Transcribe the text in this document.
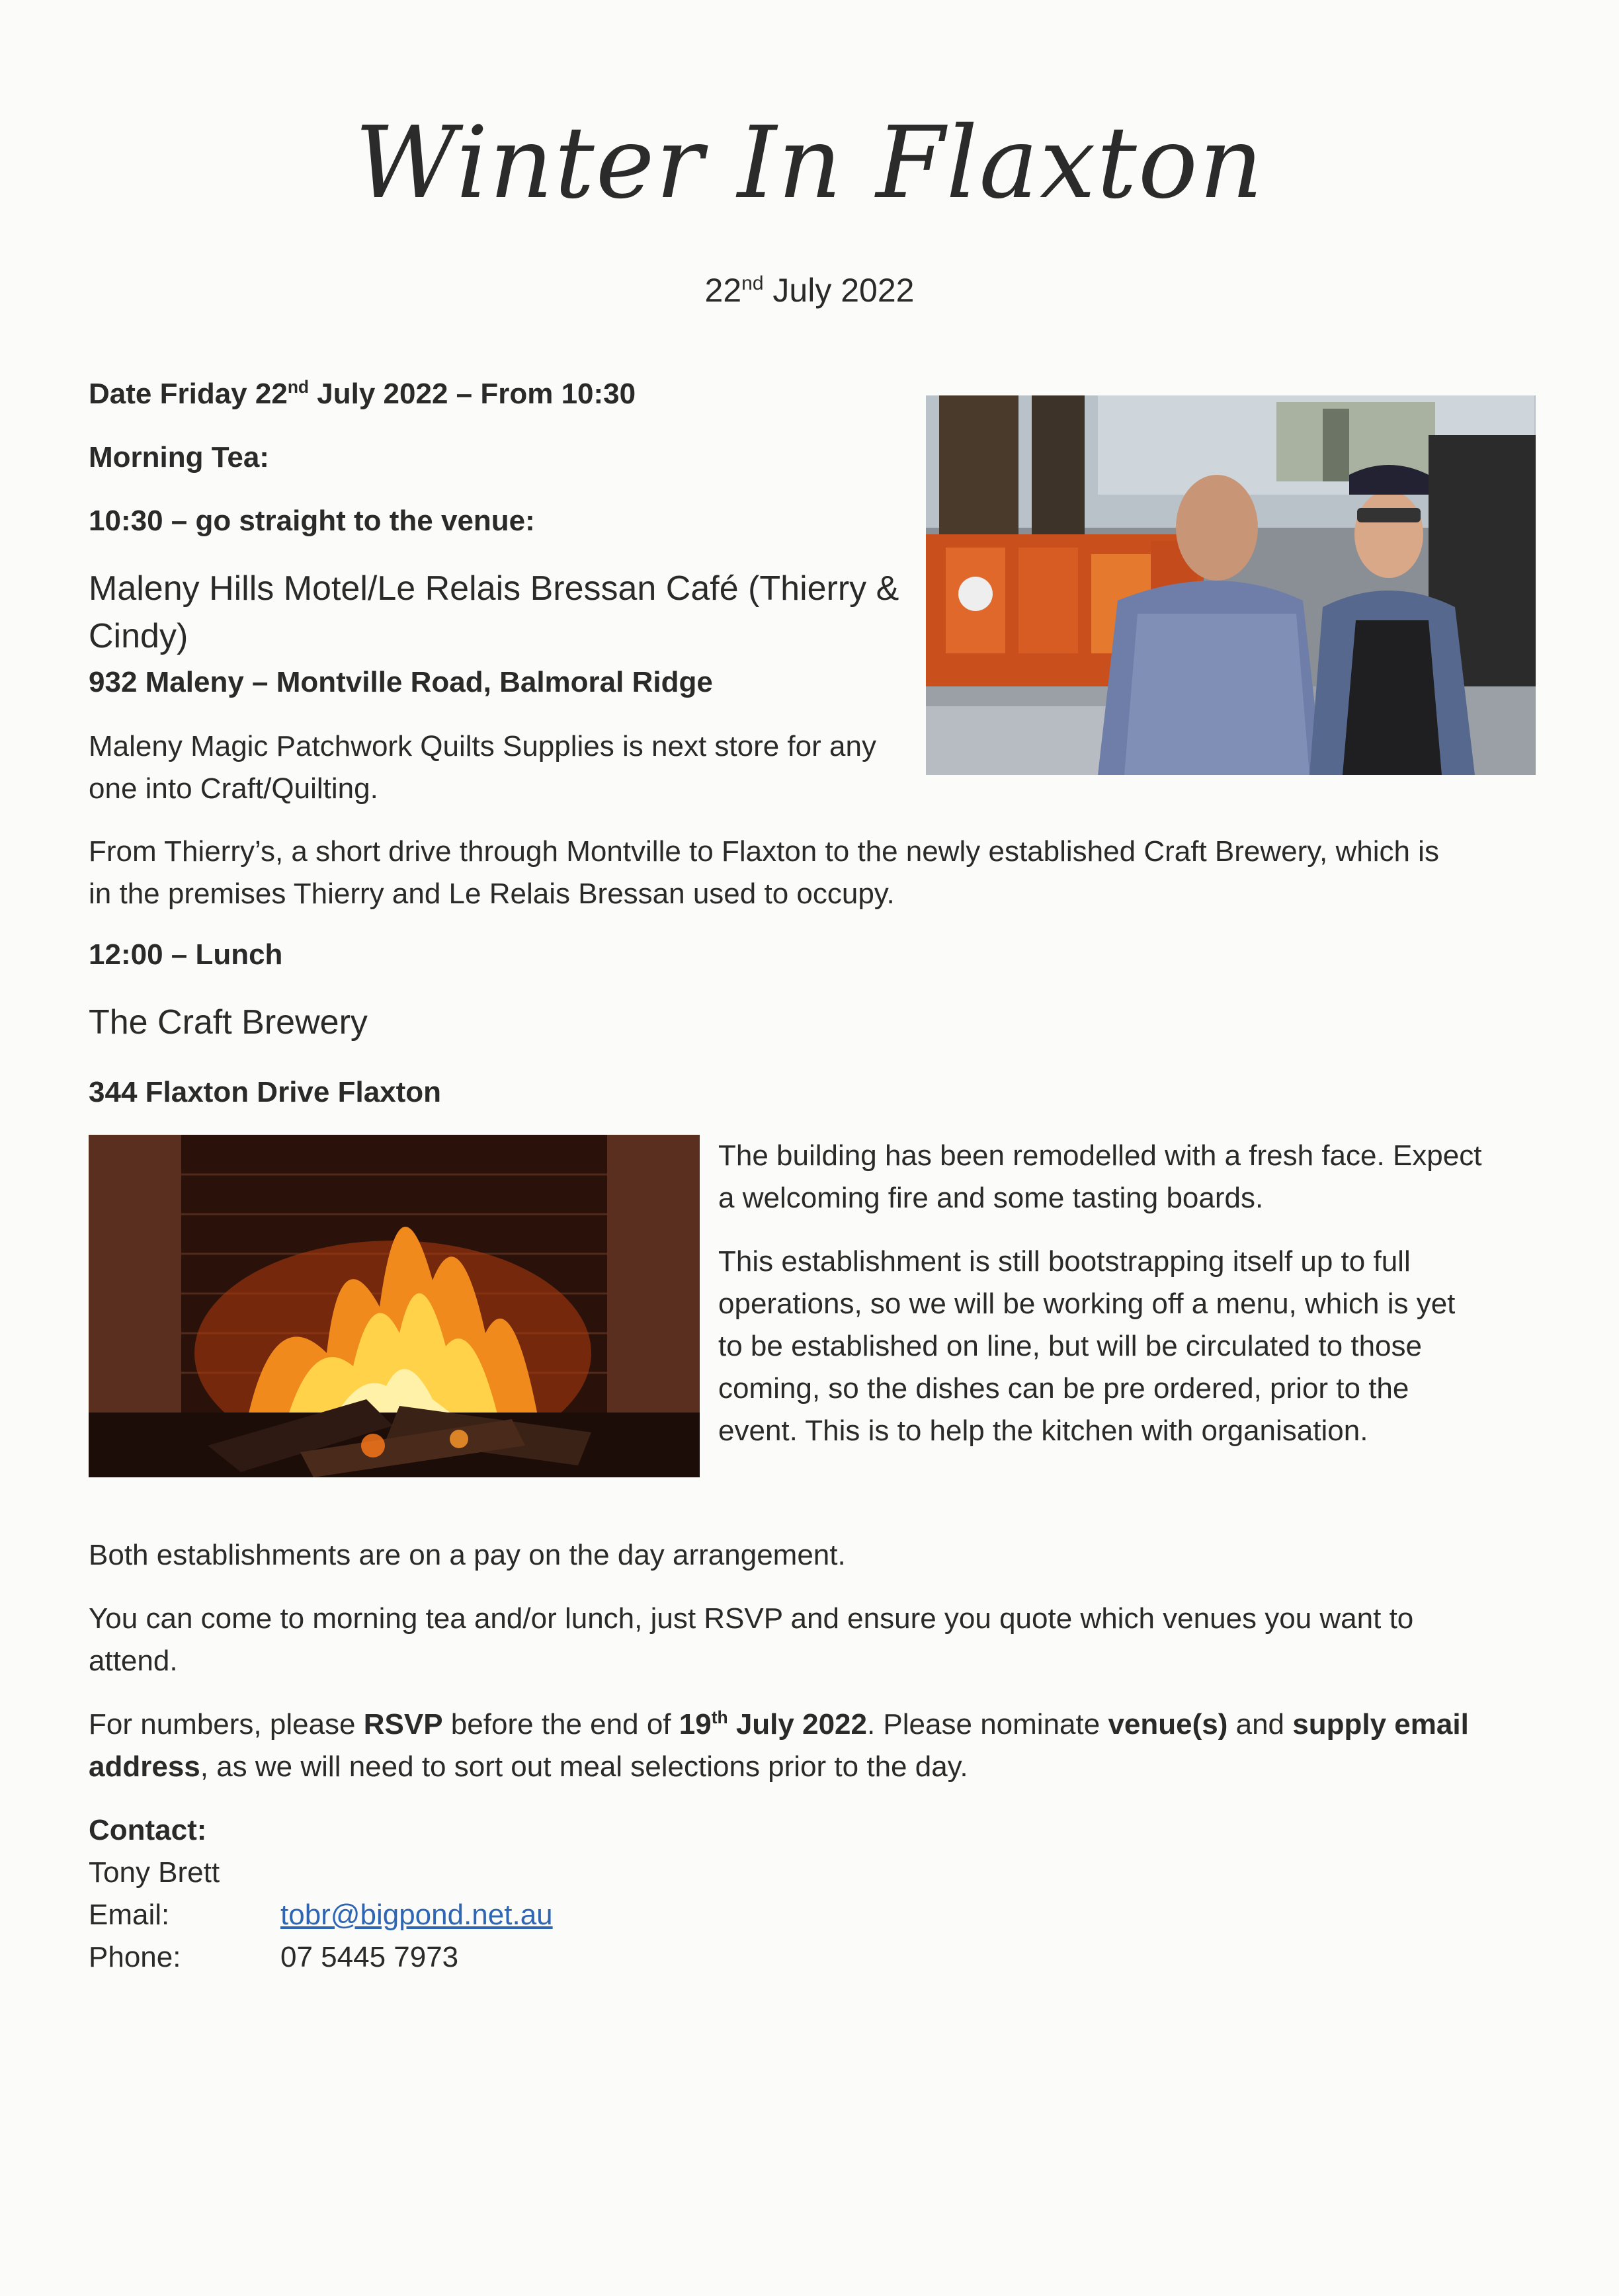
Winter In Flaxton
22nd July 2022
Date Friday 22nd July 2022 – From 10:30
Morning Tea:
10:30 – go straight to the venue:
Maleny Hills Motel/Le Relais Bressan Café (Thierry &
Cindy)
932 Maleny – Montville Road, Balmoral Ridge
Maleny Magic Patchwork Quilts Supplies is next store for any
one into Craft/Quilting.
From Thierry’s, a short drive through Montville to Flaxton to the newly established Craft Brewery, which is
in the premises Thierry and Le Relais Bressan used to occupy.
12:00 – Lunch
The Craft Brewery
344 Flaxton Drive Flaxton
The building has been remodelled with a fresh face. Expect
a welcoming fire and some tasting boards.
This establishment is still bootstrapping itself up to full
operations, so we will be working off a menu, which is yet
to be established on line, but will be circulated to those
coming, so the dishes can be pre ordered, prior to the
event. This is to help the kitchen with organisation.
Both establishments are on a pay on the day arrangement.
You can come to morning tea and/or lunch, just RSVP and ensure you quote which venues you want to
attend.
For numbers, please RSVP before the end of 19th July 2022. Please nominate venue(s) and supply email
address, as we will need to sort out meal selections prior to the day.
Contact:
Tony Brett
Email:	tobr@bigpond.net.au
Phone:	07 5445 7973
